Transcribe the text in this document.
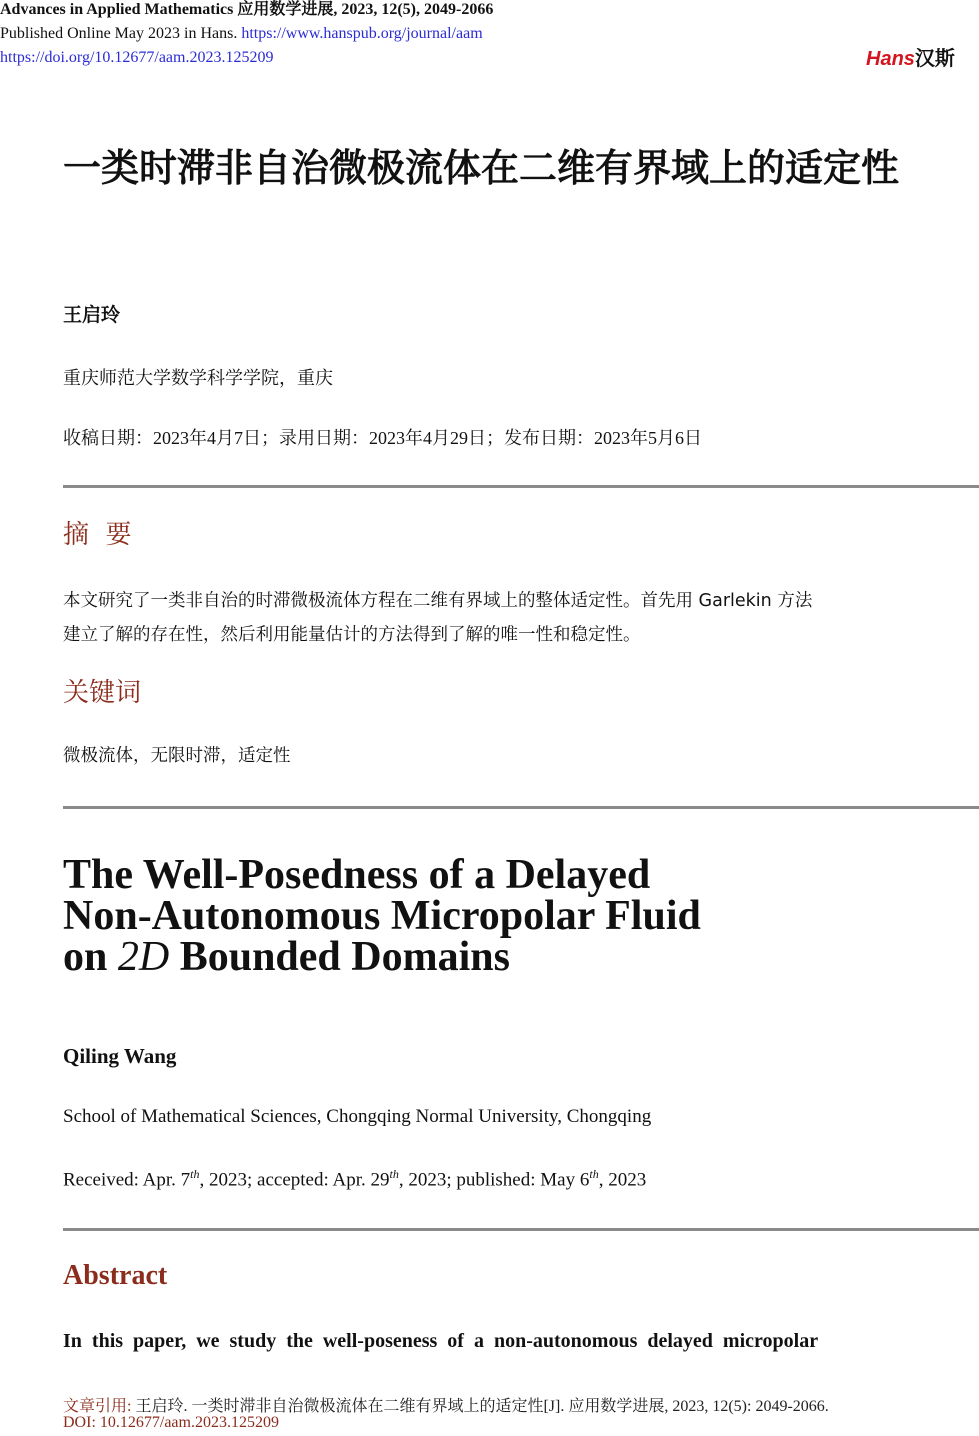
Advances in Applied Mathematics 应用数学进展, 2023, 12(5), 2049-2066
Published Online May 2023 in Hans. https://www.hanspub.org/journal/aam
https://doi.org/10.12677/aam.2023.125209	Hans汉斯
一类时滞非自治微极流体在二维有界域上的适定性
王启玲
重庆师范大学数学科学学院，重庆
收稿日期：2023年4月7日；录用日期：2023年4月29日；发布日期：2023年5月6日
摘  要
本文研究了一类非自治的时滞微极流体方程在二维有界域上的整体适定性。首先用 Garlekin 方法
建立了解的存在性，然后利用能量估计的方法得到了解的唯一性和稳定性。
关键词
微极流体，无限时滞，适定性
The Well-Posedness of a Delayed
Non-Autonomous Micropolar Fluid
on 2D Bounded Domains
Qiling Wang
School of Mathematical Sciences, Chongqing Normal University, Chongqing
Received: Apr. 7th, 2023; accepted: Apr. 29th, 2023; published: May 6th, 2023
Abstract
In this paper, we study the well-poseness of a non-autonomous delayed micropolar
文章引用: 王启玲. 一类时滞非自治微极流体在二维有界域上的适定性[J]. 应用数学进展, 2023, 12(5): 2049-2066.
DOI: 10.12677/aam.2023.125209
